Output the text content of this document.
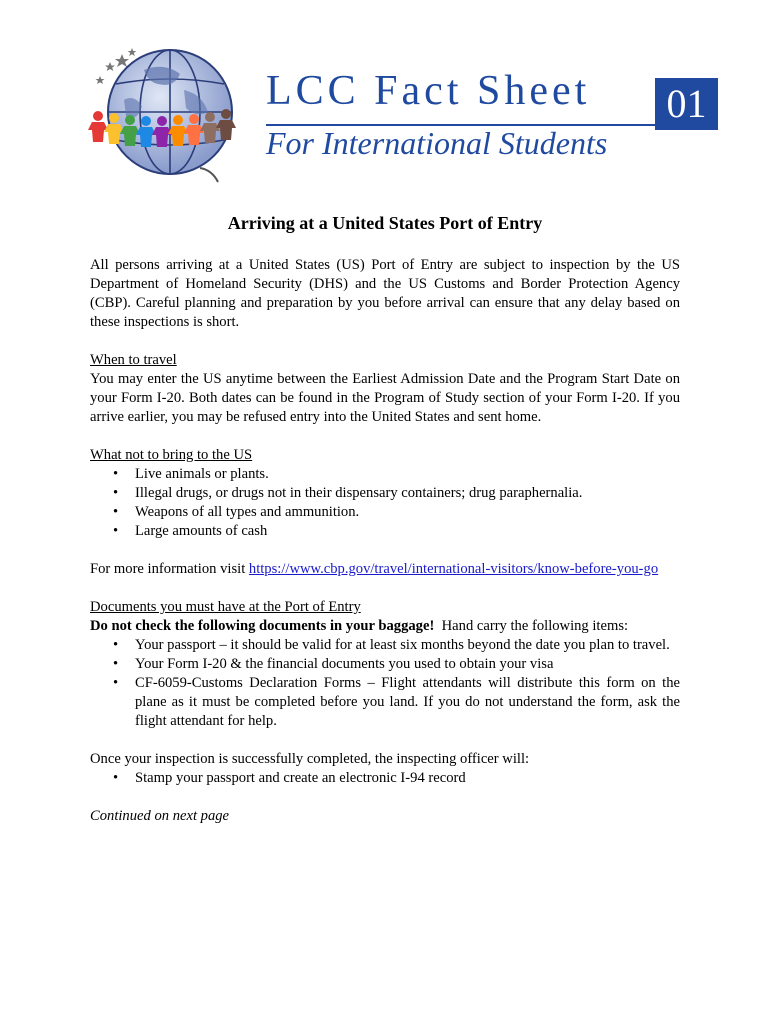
LCC Fact Sheet 01
For International Students
Arriving at a United States Port of Entry

All persons arriving at a United States (US) Port of Entry are subject to inspection by the US Department of Homeland Security (DHS) and the US Customs and Border Protection Agency (CBP). Careful planning and preparation by you before arrival can ensure that any delay based on these inspections is short.

When to travel

You may enter the US anytime between the Earliest Admission Date and the Program Start Date on your Form I-20. Both dates can be found in the Program of Study section of your Form I-20. If you arrive earlier, you may be refused entry into the United States and sent home.

What not to bring to the US
• Live animals or plants.
• Illegal drugs, or drugs not in their dispensary containers; drug paraphernalia.
• Weapons of all types and ammunition.
• Large amounts of cash

For more information visit https://www.cbp.gov/travel/international-visitors/know-before-you-go

Documents you must have at the Port of Entry
Do not check the following documents in your baggage!  Hand carry the following items:
• Your passport – it should be valid for at least six months beyond the date you plan to travel.
• Your Form I-20 & the financial documents you used to obtain your visa
• CF-6059-Customs Declaration Forms – Flight attendants will distribute this form on the plane as it must be completed before you land. If you do not understand the form, ask the flight attendant for help.
Once your inspection is successfully completed, the inspecting officer will:
• Stamp your passport and create an electronic I-94 record

Continued on next page
